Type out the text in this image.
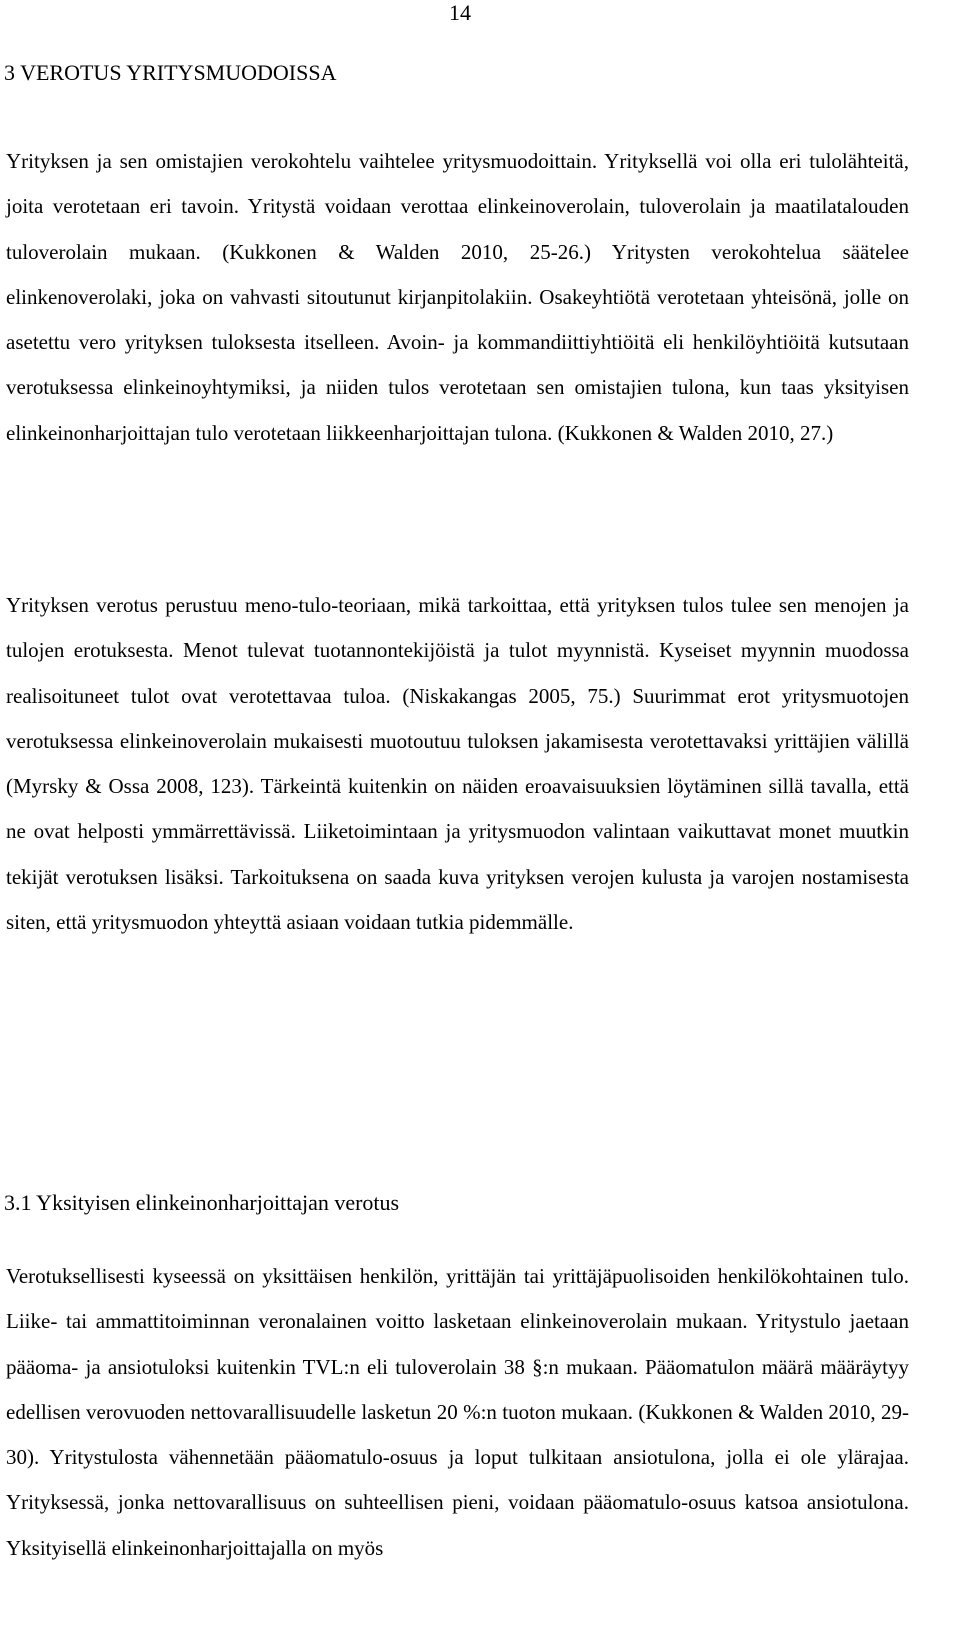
14
3 VEROTUS YRITYSMUODOISSA

Yrityksen ja sen omistajien verokohtelu vaihtelee yritysmuodoittain. Yrityksellä voi olla eri tulolähteitä, joita verotetaan eri tavoin. Yritystä voidaan verottaa elinkeinoverolain, tuloverolain ja maatilatalouden tuloverolain mukaan. (Kukkonen & Walden 2010, 25-26.) Yritysten verokohtelua säätelee elinkenoverolaki, joka on vahvasti sitoutunut kirjanpitolakiin. Osakeyhtiötä verotetaan yhteisönä, jolle on asetettu vero yrityksen tuloksesta itselleen. Avoin- ja kommandiittiyhtiöitä eli henkilöyhtiöitä kutsutaan verotuksessa elinkeinoyhtymiksi, ja niiden tulos verotetaan sen omistajien tulona, kun taas yksityisen elinkeinonharjoittajan tulo verotetaan liikkeenharjoittajan tulona. (Kukkonen & Walden 2010, 27.)

Yrityksen verotus perustuu meno-tulo-teoriaan, mikä tarkoittaa, että yrityksen tulos tulee sen menojen ja tulojen erotuksesta. Menot tulevat tuotannontekijöistä ja tulot myynnistä. Kyseiset myynnin muodossa realisoituneet tulot ovat verotettavaa tuloa. (Niskakangas 2005, 75.) Suurimmat erot yritysmuotojen verotuksessa elinkeinoverolain mukaisesti muotoutuu tuloksen jakamisesta verotettavaksi yrittäjien välillä (Myrsky & Ossa 2008, 123). Tärkeintä kuitenkin on näiden eroavaisuuksien löytäminen sillä tavalla, että ne ovat helposti ymmärrettävissä. Liiketoimintaan ja yritysmuodon valintaan vaikuttavat monet muutkin tekijät verotuksen lisäksi. Tarkoituksena on saada kuva yrityksen verojen kulusta ja varojen nostamisesta siten, että yritysmuodon yhteyttä asiaan voidaan tutkia pidemmälle.

3.1 Yksityisen elinkeinonharjoittajan verotus

Verotuksellisesti kyseessä on yksittäisen henkilön, yrittäjän tai yrittäjäpuolisoiden henkilökohtainen tulo. Liike- tai ammattitoiminnan veronalainen voitto lasketaan elinkeinoverolain mukaan. Yritystulo jaetaan pääoma- ja ansiotuloksi kuitenkin TVL:n eli tuloverolain 38 §:n mukaan. Pääomatulon määrä määräytyy edellisen verovuoden nettovarallisuudelle lasketun 20 %:n tuoton mukaan. (Kukkonen & Walden 2010, 29-30). Yritystulosta vähennetään pääomatulo-osuus ja loput tulkitaan ansiotulona, jolla ei ole ylärajaa. Yrityksessä, jonka nettovarallisuus on suhteellisen pieni, voidaan pääomatulo-osuus katsoa ansiotulona. Yksityisellä elinkeinonharjoittajalla on myös
